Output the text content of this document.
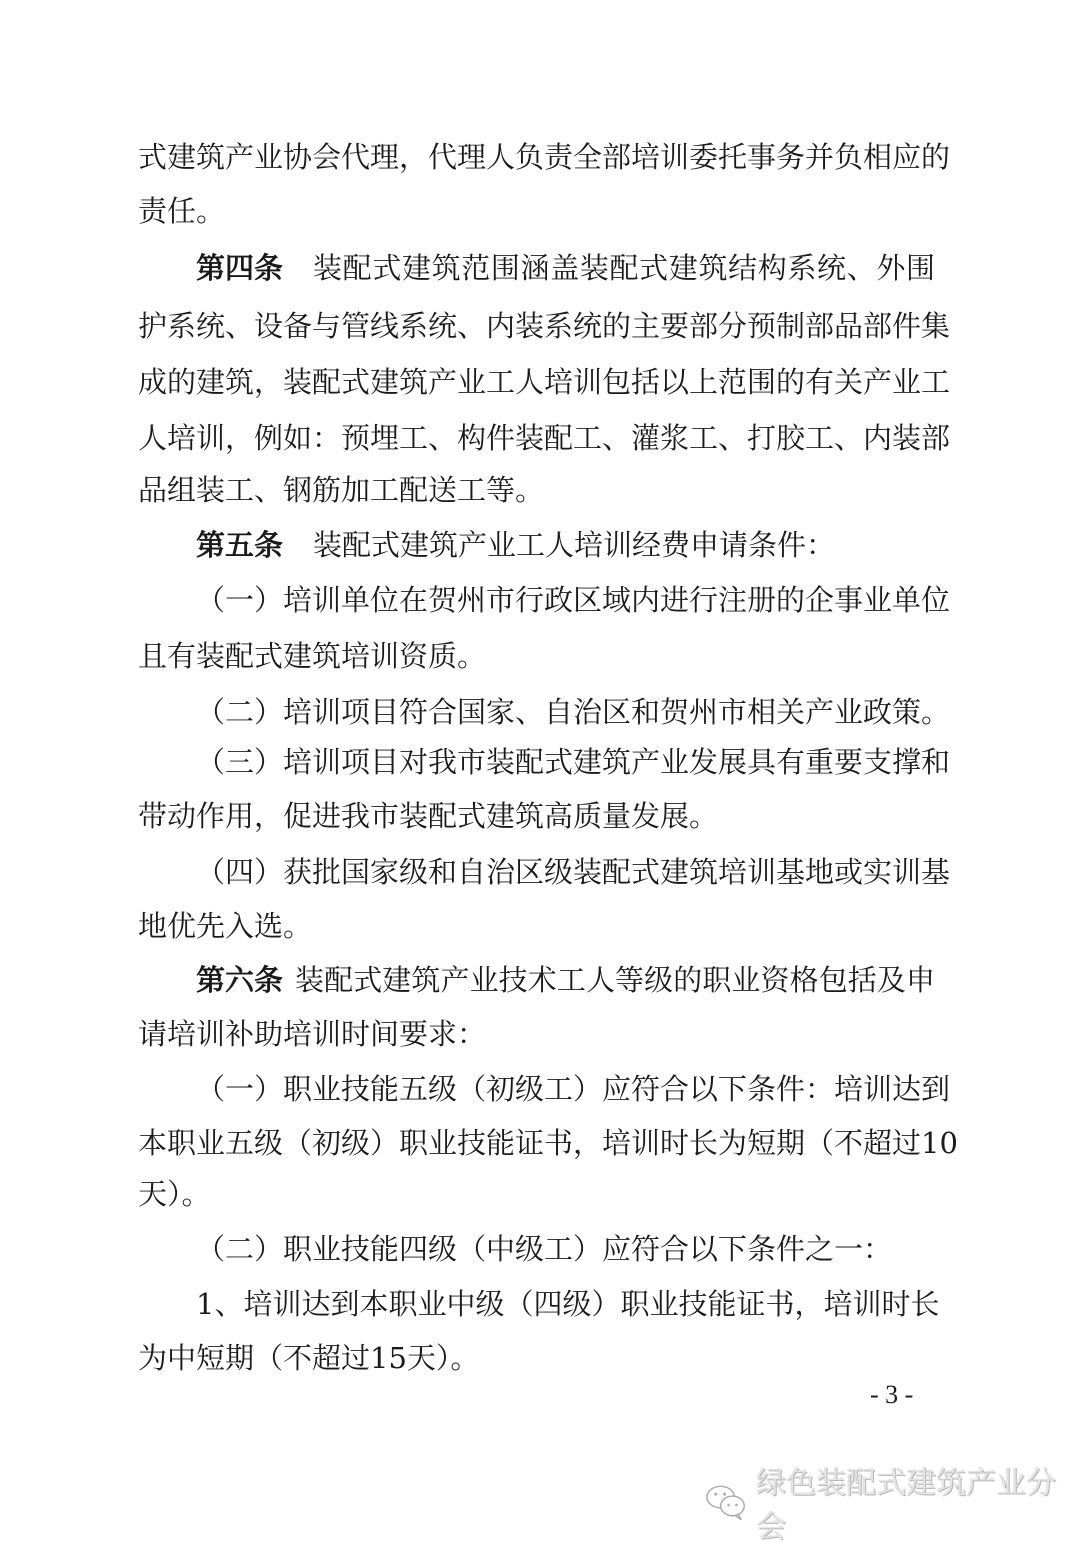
式建筑产业协会代理，代理人负责全部培训委托事务并负相应的
责任。
第四条 装配式建筑范围涵盖装配式建筑结构系统、外围
护系统、设备与管线系统、内装系统的主要部分预制部品部件集
成的建筑，装配式建筑产业工人培训包括以上范围的有关产业工
人培训，例如：预埋工、构件装配工、灌浆工、打胶工、内装部
品组装工、钢筋加工配送工等。
第五条 装配式建筑产业工人培训经费申请条件：
（一）培训单位在贺州市行政区域内进行注册的企事业单位
且有装配式建筑培训资质。
（二）培训项目符合国家、自治区和贺州市相关产业政策。
（三）培训项目对我市装配式建筑产业发展具有重要支撑和
带动作用，促进我市装配式建筑高质量发展。
（四）获批国家级和自治区级装配式建筑培训基地或实训基
地优先入选。
第六条 装配式建筑产业技术工人等级的职业资格包括及申
请培训补助培训时间要求：
（一）职业技能五级（初级工）应符合以下条件：培训达到
本职业五级（初级）职业技能证书，培训时长为短期（不超过10
天）。
（二）职业技能四级（中级工）应符合以下条件之一：
1、培训达到本职业中级（四级）职业技能证书，培训时长
为中短期（不超过15天）。
- 3 -
绿色装配式建筑产业分会
